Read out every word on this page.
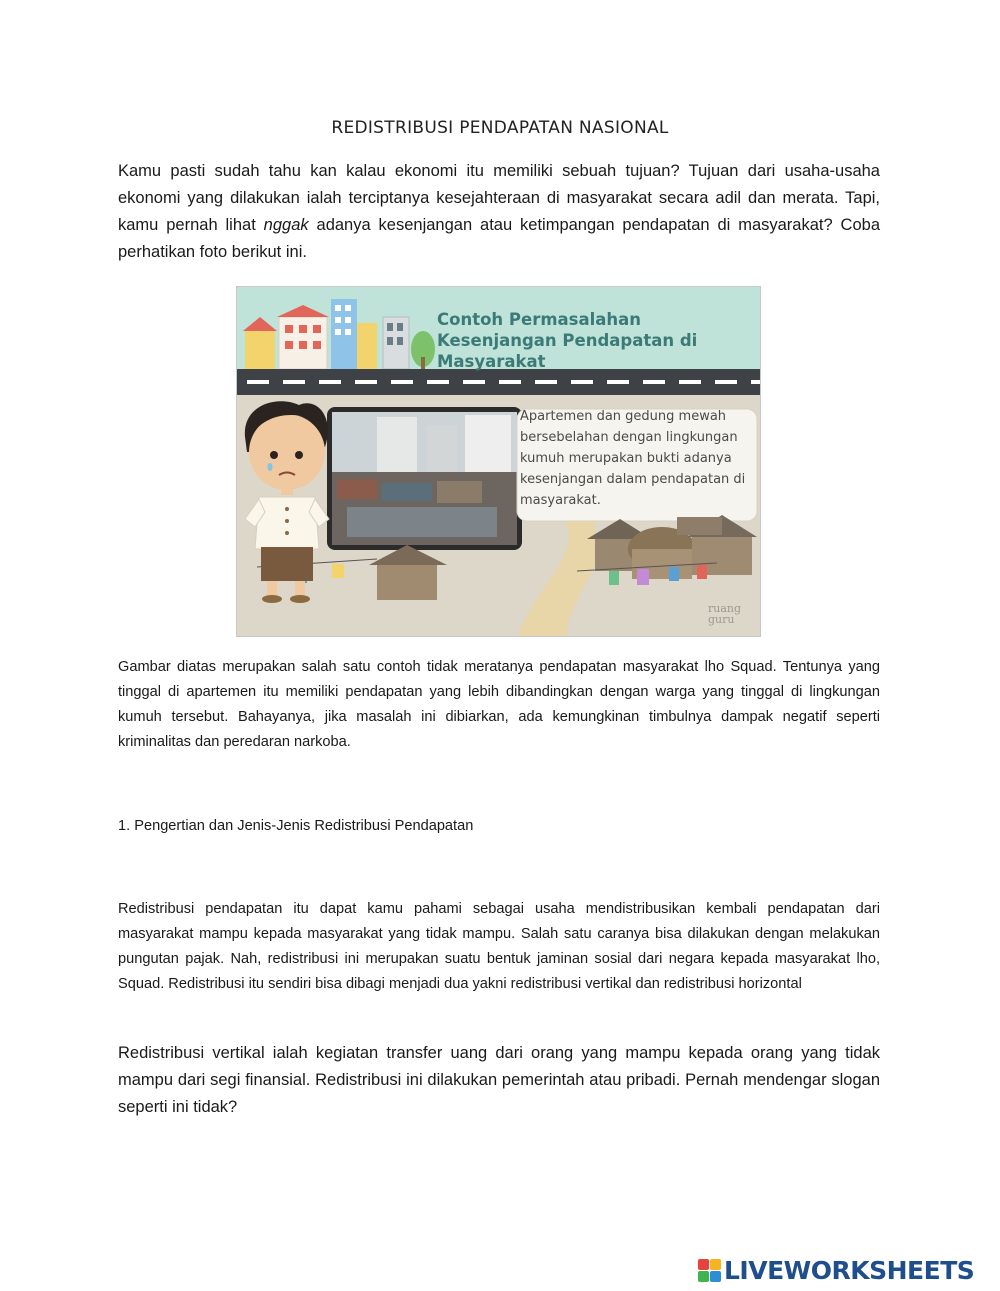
REDISTRIBUSI PENDAPATAN NASIONAL

Kamu pasti sudah tahu kan kalau ekonomi itu memiliki sebuah tujuan? Tujuan dari usaha-usaha ekonomi yang dilakukan ialah terciptanya kesejahteraan di masyarakat secara adil dan merata. Tapi, kamu pernah lihat nggak adanya kesenjangan atau ketimpangan pendapatan di masyarakat? Coba perhatikan foto berikut ini.

Contoh Permasalahan Kesenjangan Pendapatan di Masyarakat
Apartemen dan gedung mewah bersebelahan dengan lingkungan kumuh merupakan bukti adanya kesenjangan dalam pendapatan di masyarakat.
ruang guru

Gambar diatas merupakan salah satu contoh tidak meratanya pendapatan masyarakat lho Squad. Tentunya yang tinggal di apartemen itu memiliki pendapatan yang lebih dibandingkan dengan warga yang tinggal di lingkungan kumuh tersebut. Bahayanya, jika masalah ini dibiarkan, ada kemungkinan timbulnya dampak negatif seperti kriminalitas dan peredaran narkoba.

1. Pengertian dan Jenis-Jenis Redistribusi Pendapatan

Redistribusi pendapatan itu dapat kamu pahami sebagai usaha mendistribusikan kembali pendapatan dari masyarakat mampu kepada masyarakat yang tidak mampu. Salah satu caranya bisa dilakukan dengan melakukan pungutan pajak. Nah, redistribusi ini merupakan suatu bentuk jaminan sosial dari negara kepada masyarakat lho, Squad. Redistribusi itu sendiri bisa dibagi menjadi dua yakni redistribusi vertikal dan redistribusi horizontal

Redistribusi vertikal ialah kegiatan transfer uang dari orang yang mampu kepada orang yang tidak mampu dari segi finansial. Redistribusi ini dilakukan pemerintah atau pribadi. Pernah mendengar slogan seperti ini tidak?

LIVEWORKSHEETS
